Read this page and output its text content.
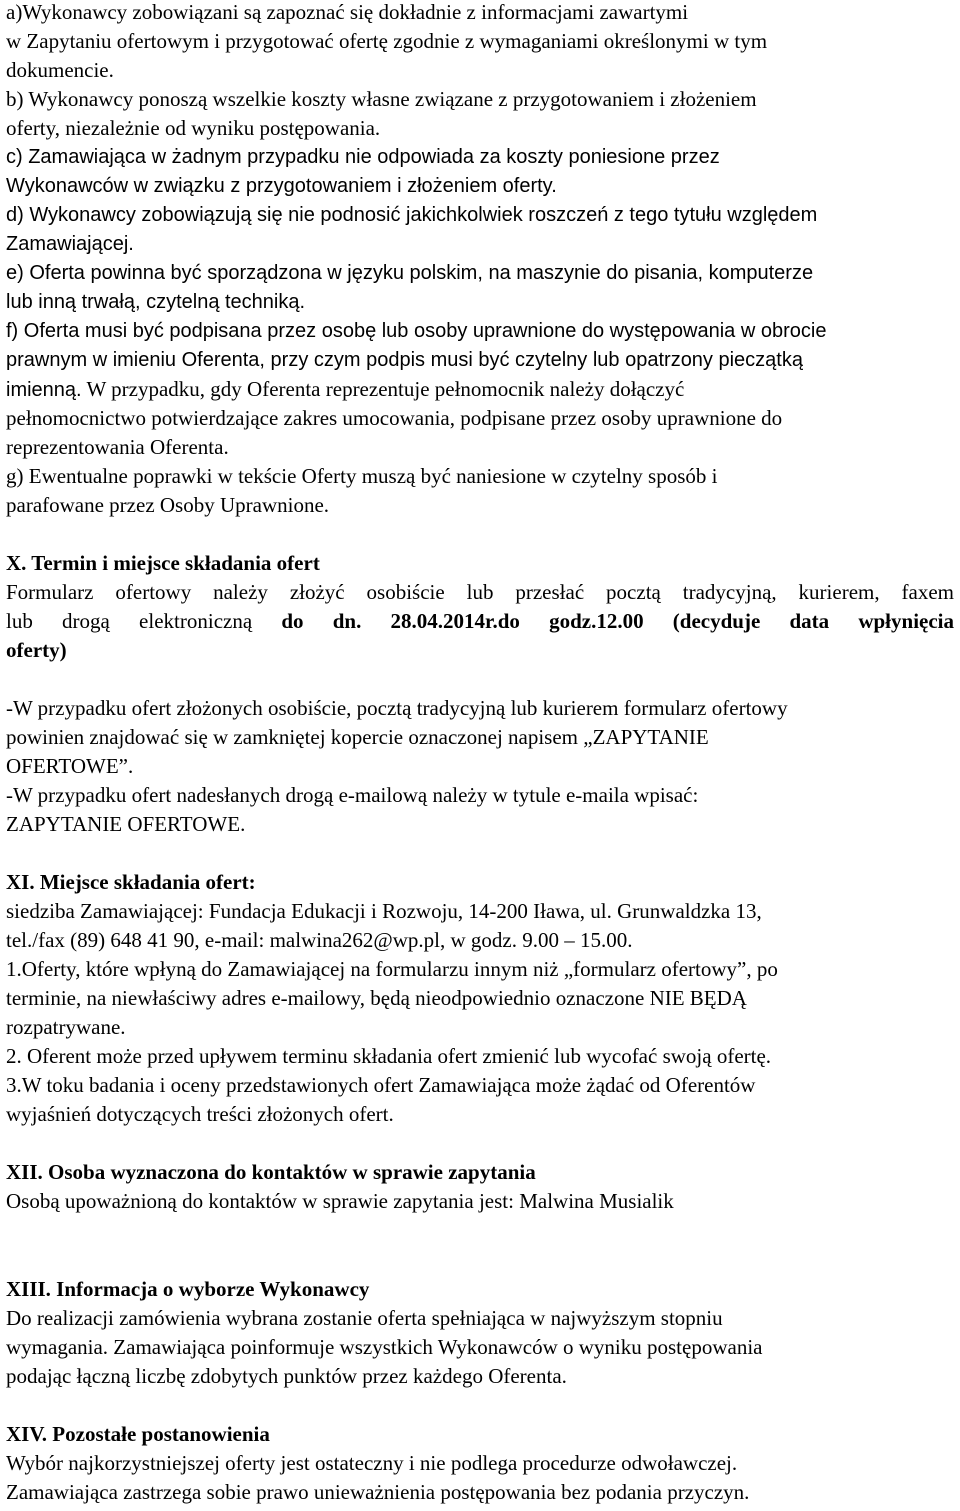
a)Wykonawcy zobowiązani są zapoznać się dokładnie z informacjami zawartymi
w Zapytaniu ofertowym i przygotować ofertę zgodnie z wymaganiami określonymi w tym
dokumencie.
b) Wykonawcy ponoszą wszelkie koszty własne związane z przygotowaniem i złożeniem
oferty, niezależnie od wyniku postępowania.
c) Zamawiająca w żadnym przypadku nie odpowiada za koszty poniesione przez
Wykonawców w związku z przygotowaniem i złożeniem oferty.
d) Wykonawcy zobowiązują się nie podnosić jakichkolwiek roszczeń z tego tytułu względem
Zamawiającej.
e) Oferta powinna być sporządzona w języku polskim, na maszynie do pisania, komputerze
lub inną trwałą, czytelną techniką.
f) Oferta musi być podpisana przez osobę lub osoby uprawnione do występowania w obrocie
prawnym w imieniu Oferenta, przy czym podpis musi być czytelny lub opatrzony pieczątką
imienną. W przypadku, gdy Oferenta reprezentuje pełnomocnik należy dołączyć
pełnomocnictwo potwierdzające zakres umocowania, podpisane przez osoby uprawnione do
reprezentowania Oferenta.
g) Ewentualne poprawki w tekście Oferty muszą być naniesione w czytelny sposób i
parafowane przez Osoby Uprawnione.
X. Termin i miejsce składania ofert
Formularz ofertowy należy złożyć osobiście lub przesłać pocztą tradycyjną, kurierem, faxem
lub drogą elektroniczną do dn. 28.04.2014r.do godz.12.00 (decyduje data wpłynięcia
oferty)
-W przypadku ofert złożonych osobiście, pocztą tradycyjną lub kurierem formularz ofertowy
powinien znajdować się w zamkniętej kopercie oznaczonej napisem „ZAPYTANIE
OFERTOWE”.
-W przypadku ofert nadesłanych drogą e-mailową należy w tytule e-maila wpisać:
ZAPYTANIE OFERTOWE.
XI. Miejsce składania ofert:
siedziba Zamawiającej: Fundacja Edukacji i Rozwoju, 14-200 Iława, ul. Grunwaldzka 13,
tel./fax (89) 648 41 90, e-mail: malwina262@wp.pl, w godz. 9.00 – 15.00.
1.Oferty, które wpłyną do Zamawiającej na formularzu innym niż „formularz ofertowy”, po
terminie, na niewłaściwy adres e-mailowy, będą nieodpowiednio oznaczone NIE BĘDĄ
rozpatrywane.
2. Oferent może przed upływem terminu składania ofert zmienić lub wycofać swoją ofertę.
3.W toku badania i oceny przedstawionych ofert Zamawiająca może żądać od Oferentów
wyjaśnień dotyczących treści złożonych ofert.
XII. Osoba wyznaczona do kontaktów w sprawie zapytania
Osobą upoważnioną do kontaktów w sprawie zapytania jest: Malwina Musialik
XIII. Informacja o wyborze Wykonawcy
Do realizacji zamówienia wybrana zostanie oferta spełniająca w najwyższym stopniu
wymagania. Zamawiająca poinformuje wszystkich Wykonawców o wyniku postępowania
podając łączną liczbę zdobytych punktów przez każdego Oferenta.
XIV. Pozostałe postanowienia
Wybór najkorzystniejszej oferty jest ostateczny i nie podlega procedurze odwoławczej.
Zamawiająca zastrzega sobie prawo unieważnienia postępowania bez podania przyczyn.
